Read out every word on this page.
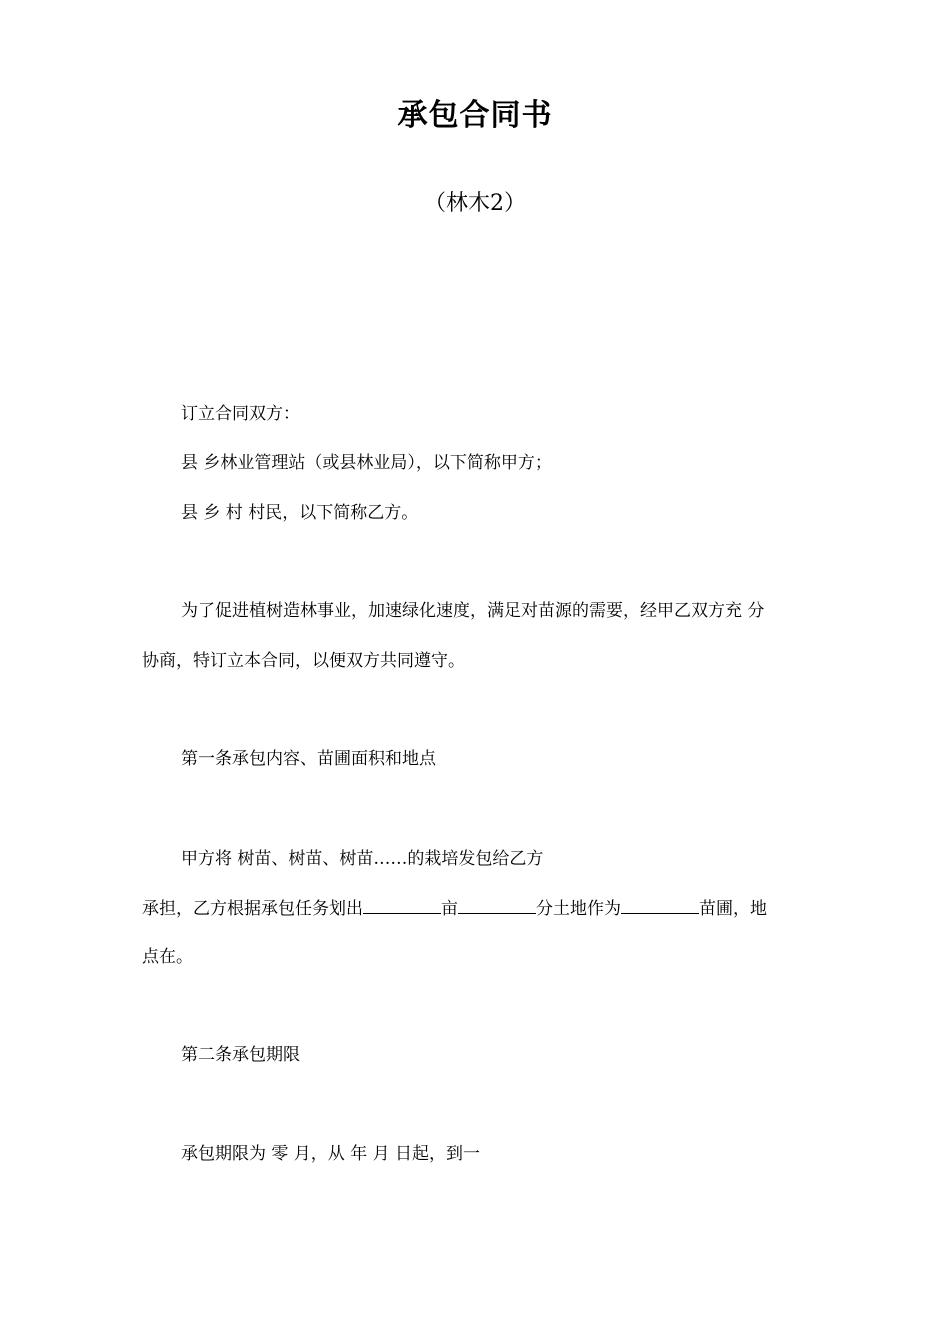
承包合同书

（林木2）

订立合同双方：

县 乡林业管理站（或县林业局），以下简称甲方；

县 乡 村 村民，以下简称乙方。

为了促进植树造林事业，加速绿化速度，满足对苗源的需要，经甲乙双方充 分

协商，特订立本合同，以便双方共同遵守。

第一条承包内容、苗圃面积和地点

甲方将 树苗、树苗、树苗……的栽培发包给乙方

承担，乙方根据承包任务划出	亩	分土地作为	苗圃，地

点在。

第二条承包期限

承包期限为 零 月，从 年 月 日起，到一
